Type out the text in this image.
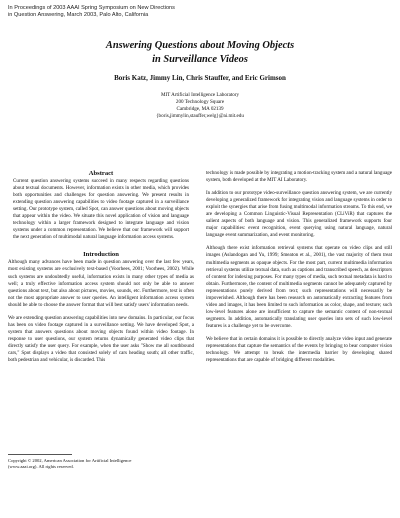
In Proceedings of 2003 AAAI Spring Symposium on New Directions
in Question Answering, March 2003, Palo Alto, California
Answering Questions about Moving Objects
in Surveillance Videos
Boris Katz, Jimmy Lin, Chris Stauffer, and Eric Grimson
MIT Artificial Intelligence Laboratory
200 Technology Square
Cambridge, MA 02139
{boris,jimmylin,stauffer,welg}@ai.mit.edu
Abstract

Current question answering systems succeed in many respects regarding questions about textual documents. However, information exists in other media, which provides both opportunities and challenges for question answering. We present results in extending question answering capabilities to video footage captured in a surveillance setting. Our prototype system, called Spot, can answer questions about moving objects that appear within the video. We situate this novel application of vision and language technology within a larger framework designed to integrate language and vision systems under a common representation. We believe that our framework will support the next generation of multimodal natural language information access systems.

Introduction

Although many advances have been made in question answering over the last few years, most existing systems are exclusively text-based (Voorhees, 2001; Voorhees, 2002). While such systems are undoubtedly useful, information exists in many other types of media as well; a truly effective information access system should not only be able to answer questions about text, but also about pictures, movies, sounds, etc. Furthermore, text is often not the most appropriate answer to user queries. An intelligent information access system should be able to choose the answer format that will best satisfy users' information needs.

We are extending question answering capabilities into new domains. In particular, our focus has been on video footage captured in a surveillance setting. We have developed Spot, a system that answers questions about moving objects found within video footage. In response to user questions, our system returns dynamically generated video clips that directly satisfy the user query. For example, when the user asks "Show me all southbound cars," Spot displays a video that consisted solely of cars heading south; all other traffic, both pedestrian and vehicular, is discarded. This

technology is made possible by integrating a motion-tracking system and a natural language system, both developed at the MIT AI Laboratory.

In addition to our prototype video-surveillance question answering system, we are currently developing a generalized framework for integrating vision and language systems in order to exploit the synergies that arise from fusing multimodal information streams. To this end, we are developing a Common Linguistic-Visual Representation (CLiViR) that captures the salient aspects of both language and vision. This generalized framework supports four major capabilities: event recognition, event querying using natural language, natural language event summarization, and event monitoring.

Although there exist information retrieval systems that operate on video clips and still images (Aslandogan and Yu, 1999; Smeaton et al., 2001), the vast majority of them treat multimedia segments as opaque objects. For the most part, current multimedia information retrieval systems utilize textual data, such as captions and transcribed speech, as descriptors of content for indexing purposes. For many types of media, such textual metadata is hard to obtain. Furthermore, the content of multimedia segments cannot be adequately captured by representations purely derived from text; such representations will necessarily be impoverished. Although there has been research on automatically extracting features from video and images, it has been limited to such information as color, shape, and texture; such low-level features alone are insufficient to capture the semantic content of non-textual segments. In addition, automatically translating user queries into sets of such low-level features is a challenge yet to be overcome.

We believe that in certain domains it is possible to directly analyze video input and generate representations that capture the semantics of the events by bringing to bear computer vision technology. We attempt to break the intermedia barrier by developing shared representations that are capable of bridging different modalities.

Copyright © 2002, American Association for Artificial Intelligence
(www.aaai.org). All rights reserved.
